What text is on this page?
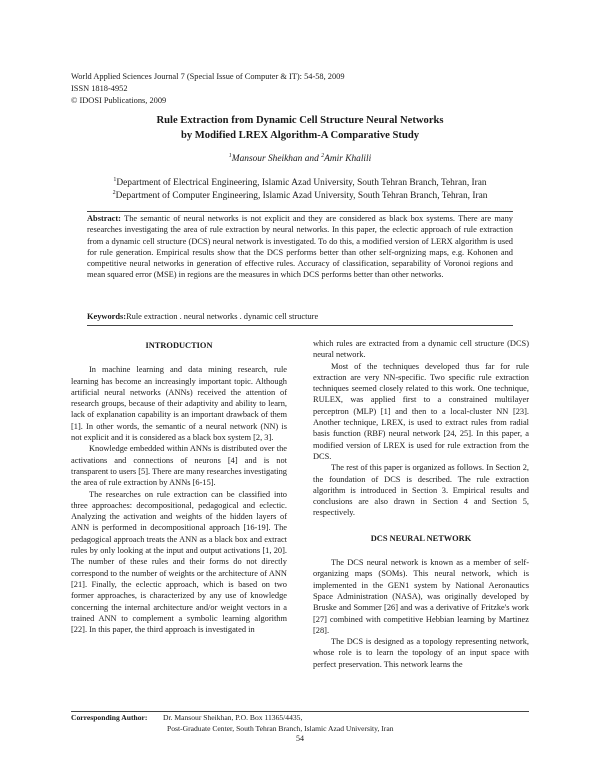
World Applied Sciences Journal 7 (Special Issue of Computer & IT): 54-58, 2009
ISSN 1818-4952
© IDOSI Publications, 2009
Rule Extraction from Dynamic Cell Structure Neural Networks
by Modified LREX Algorithm-A Comparative Study
$^1$Mansour Sheikhan and $^2$Amir Khalili
$^1$Department of Electrical Engineering, Islamic Azad University, South Tehran Branch, Tehran, Iran
$^2$Department of Computer Engineering, Islamic Azad University, South Tehran Branch, Tehran, Iran
Abstract: The semantic of neural networks is not explicit and they are considered as black box systems. There are many researches investigating the area of rule extraction by neural networks. In this paper, the eclectic approach of rule extraction from a dynamic cell structure (DCS) neural network is investigated. To do this, a modified version of LERX algorithm is used for rule generation. Empirical results show that the DCS performs better than other self-orgnizing maps, e.g. Kohonen and competitive neural networks in generation of effective rules. Accuracy of classification, separability of Voronoi regions and mean squared error (MSE) in regions are the measures in which DCS performs better than other networks.
Keywords:Rule extraction . neural networks . dynamic cell structure
INTRODUCTION

In machine learning and data mining research, rule learning has become an increasingly important topic. Although artificial neural networks (ANNs) received the attention of research groups, because of their adaptivity and ability to learn, lack of explanation capability is an important drawback of them [1]. In other words, the semantic of a neural network (NN) is not explicit and it is considered as a black box system [2, 3].

Knowledge embedded within ANNs is distributed over the activations and connections of neurons [4] and is not transparent to users [5]. There are many researches investigating the area of rule extraction by ANNs [6-15].

The researches on rule extraction can be classified into three approaches: decompositional, pedagogical and eclectic. Analyzing the activation and weights of the hidden layers of ANN is performed in decompositional approach [16-19]. The pedagogical approach treats the ANN as a black box and extract rules by only looking at the input and output activations [1, 20]. The number of these rules and their forms do not directly correspond to the number of weights or the architecture of ANN [21]. Finally, the eclectic approach, which is based on two former approaches, is characterized by any use of knowledge concerning the internal architecture and/or weight vectors in a trained ANN to complement a symbolic learning algorithm [22]. In this paper, the third approach is investigated in

which rules are extracted from a dynamic cell structure (DCS) neural network.

Most of the techniques developed thus far for rule extraction are very NN-specific. Two specific rule extraction techniques seemed closely related to this work. One technique, RULEX, was applied first to a constrained multilayer perceptron (MLP) [1] and then to a local-cluster NN [23]. Another technique, LREX, is used to extract rules from radial basis function (RBF) neural network [24, 25]. In this paper, a modified version of LREX is used for rule extraction from the DCS.

The rest of this paper is organized as follows. In Section 2, the foundation of DCS is described. The rule extraction algorithm is introduced in Section 3. Empirical results and conclusions are also drawn in Section 4 and Section 5, respectively.

DCS NEURAL NETWORK

The DCS neural network is known as a member of self-organizing maps (SOMs). This neural network, which is implemented in the GEN1 system by National Aeronautics Space Administration (NASA), was originally developed by Bruske and Sommer [26] and was a derivative of Fritzke's work [27] combined with competitive Hebbian learning by Martinez [28].

The DCS is designed as a topology representing network, whose role is to learn the topology of an input space with perfect preservation. This network learns the

Corresponding Author: Dr. Mansour Sheikhan, P.O. Box 11365/4435,
Post-Graduate Center, South Tehran Branch, Islamic Azad University, Iran
54
